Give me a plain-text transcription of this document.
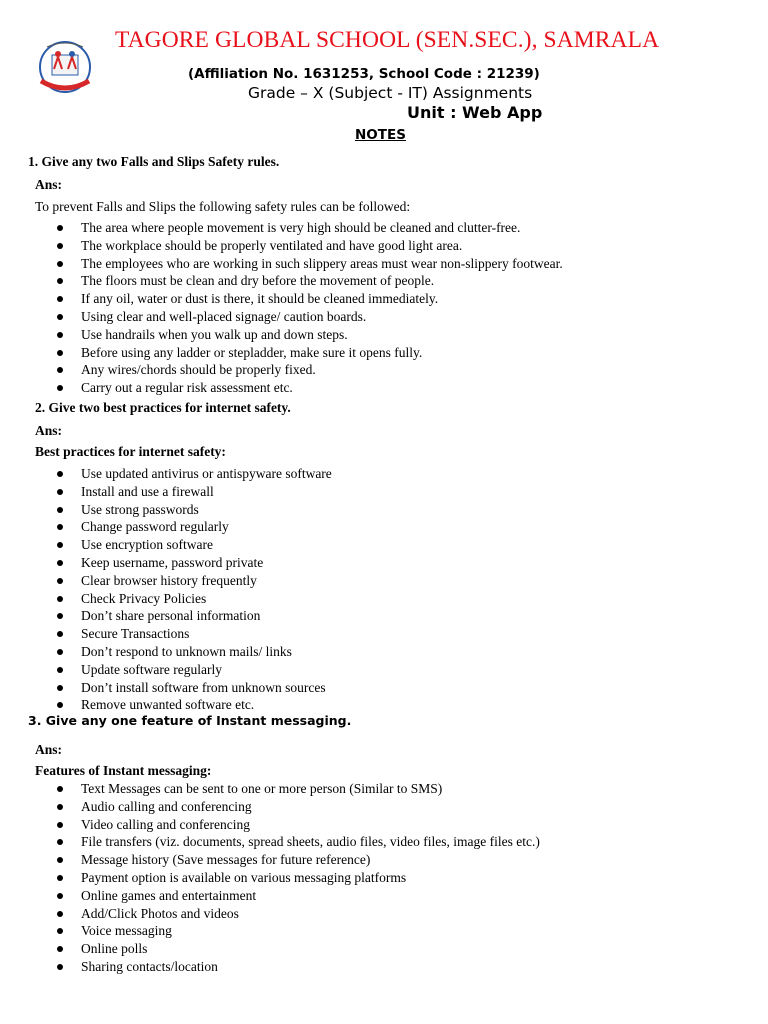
TAGORE GLOBAL SCHOOL (SEN.SEC.), SAMRALA
(Affiliation No. 1631253, School Code : 21239)
Grade – X (Subject - IT) Assignments
Unit : Web App
NOTES
1. Give any two Falls and Slips Safety rules.
Ans:
To prevent Falls and Slips the following safety rules can be followed:
The area where people movement is very high should be cleaned and clutter-free.
The workplace should be properly ventilated and have good light area.
The employees who are working in such slippery areas must wear non-slippery footwear.
The floors must be clean and dry before the movement of people.
If any oil, water or dust is there, it should be cleaned immediately.
Using clear and well-placed signage/ caution boards.
Use handrails when you walk up and down steps.
Before using any ladder or stepladder, make sure it opens fully.
Any wires/chords should be properly fixed.
Carry out a regular risk assessment etc.
2. Give two best practices for internet safety.
Ans:
Best practices for internet safety:
Use updated antivirus or antispyware software
Install and use a firewall
Use strong passwords
Change password regularly
Use encryption software
Keep username, password private
Clear browser history frequently
Check Privacy Policies
Don’t share personal information
Secure Transactions
Don’t respond to unknown mails/ links
Update software regularly
Don’t install software from unknown sources
Remove unwanted software etc.
3. Give any one feature of Instant messaging.
Ans:
Features of Instant messaging:
Text Messages can be sent to one or more person (Similar to SMS)
Audio calling and conferencing
Video calling and conferencing
File transfers (viz. documents, spread sheets, audio files, video files, image files etc.)
Message history (Save messages for future reference)
Payment option is available on various messaging platforms
Online games and entertainment
Add/Click Photos and videos
Voice messaging
Online polls
Sharing contacts/location
